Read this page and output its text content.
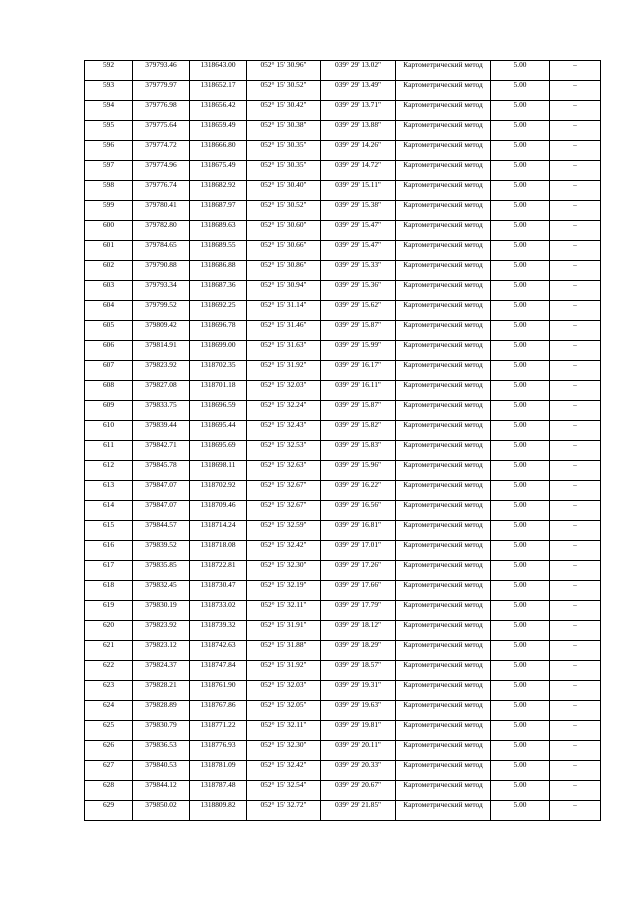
592	379793.46	1318643.00	052° 15' 30.96"	039° 29' 13.02"	Картометрический метод	5.00	–
593	379779.97	1318652.17	052° 15' 30.52"	039° 29' 13.49"	Картометрический метод	5.00	–
594	379776.98	1318656.42	052° 15' 30.42"	039° 29' 13.71"	Картометрический метод	5.00	–
595	379775.64	1318659.49	052° 15' 30.38"	039° 29' 13.88"	Картометрический метод	5.00	–
596	379774.72	1318666.80	052° 15' 30.35"	039° 29' 14.26"	Картометрический метод	5.00	–
597	379774.96	1318675.49	052° 15' 30.35"	039° 29' 14.72"	Картометрический метод	5.00	–
598	379776.74	1318682.92	052° 15' 30.40"	039° 29' 15.11"	Картометрический метод	5.00	–
599	379780.41	1318687.97	052° 15' 30.52"	039° 29' 15.38"	Картометрический метод	5.00	–
600	379782.80	1318689.63	052° 15' 30.60"	039° 29' 15.47"	Картометрический метод	5.00	–
601	379784.65	1318689.55	052° 15' 30.66"	039° 29' 15.47"	Картометрический метод	5.00	–
602	379790.88	1318686.88	052° 15' 30.86"	039° 29' 15.33"	Картометрический метод	5.00	–
603	379793.34	1318687.36	052° 15' 30.94"	039° 29' 15.36"	Картометрический метод	5.00	–
604	379799.52	1318692.25	052° 15' 31.14"	039° 29' 15.62"	Картометрический метод	5.00	–
605	379809.42	1318696.78	052° 15' 31.46"	039° 29' 15.87"	Картометрический метод	5.00	–
606	379814.91	1318699.00	052° 15' 31.63"	039° 29' 15.99"	Картометрический метод	5.00	–
607	379823.92	1318702.35	052° 15' 31.92"	039° 29' 16.17"	Картометрический метод	5.00	–
608	379827.08	1318701.18	052° 15' 32.03"	039° 29' 16.11"	Картометрический метод	5.00	–
609	379833.75	1318696.59	052° 15' 32.24"	039° 29' 15.87"	Картометрический метод	5.00	–
610	379839.44	1318695.44	052° 15' 32.43"	039° 29' 15.82"	Картометрический метод	5.00	–
611	379842.71	1318695.69	052° 15' 32.53"	039° 29' 15.83"	Картометрический метод	5.00	–
612	379845.78	1318698.11	052° 15' 32.63"	039° 29' 15.96"	Картометрический метод	5.00	–
613	379847.07	1318702.92	052° 15' 32.67"	039° 29' 16.22"	Картометрический метод	5.00	–
614	379847.07	1318709.46	052° 15' 32.67"	039° 29' 16.56"	Картометрический метод	5.00	–
615	379844.57	1318714.24	052° 15' 32.59"	039° 29' 16.81"	Картометрический метод	5.00	–
616	379839.52	1318718.08	052° 15' 32.42"	039° 29' 17.01"	Картометрический метод	5.00	–
617	379835.85	1318722.81	052° 15' 32.30"	039° 29' 17.26"	Картометрический метод	5.00	–
618	379832.45	1318730.47	052° 15' 32.19"	039° 29' 17.66"	Картометрический метод	5.00	–
619	379830.19	1318733.02	052° 15' 32.11"	039° 29' 17.79"	Картометрический метод	5.00	–
620	379823.92	1318739.32	052° 15' 31.91"	039° 29' 18.12"	Картометрический метод	5.00	–
621	379823.12	1318742.63	052° 15' 31.88"	039° 29' 18.29"	Картометрический метод	5.00	–
622	379824.37	1318747.84	052° 15' 31.92"	039° 29' 18.57"	Картометрический метод	5.00	–
623	379828.21	1318761.90	052° 15' 32.03"	039° 29' 19.31"	Картометрический метод	5.00	–
624	379828.89	1318767.86	052° 15' 32.05"	039° 29' 19.63"	Картометрический метод	5.00	–
625	379830.79	1318771.22	052° 15' 32.11"	039° 29' 19.81"	Картометрический метод	5.00	–
626	379836.53	1318776.93	052° 15' 32.30"	039° 29' 20.11"	Картометрический метод	5.00	–
627	379840.53	1318781.09	052° 15' 32.42"	039° 29' 20.33"	Картометрический метод	5.00	–
628	379844.12	1318787.48	052° 15' 32.54"	039° 29' 20.67"	Картометрический метод	5.00	–
629	379850.02	1318809.82	052° 15' 32.72"	039° 29' 21.85"	Картометрический метод	5.00	–
